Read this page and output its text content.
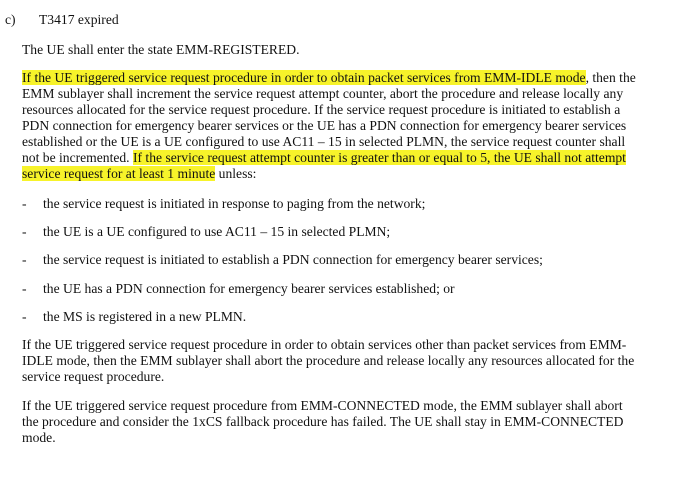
c) T3417 expired
The UE shall enter the state EMM-REGISTERED.
If the UE triggered service request procedure in order to obtain packet services from EMM-IDLE mode, then the
EMM sublayer shall increment the service request attempt counter, abort the procedure and release locally any
resources allocated for the service request procedure. If the service request procedure is initiated to establish a
PDN connection for emergency bearer services or the UE has a PDN connection for emergency bearer services
established or the UE is a UE configured to use AC11 – 15 in selected PLMN, the service request counter shall
not be incremented. If the service request attempt counter is greater than or equal to 5, the UE shall not attempt
service request for at least 1 minute unless:
- the service request is initiated in response to paging from the network;
- the UE is a UE configured to use AC11 – 15 in selected PLMN;
- the service request is initiated to establish a PDN connection for emergency bearer services;
- the UE has a PDN connection for emergency bearer services established; or
- the MS is registered in a new PLMN.
If the UE triggered service request procedure in order to obtain services other than packet services from EMM-
IDLE mode, then the EMM sublayer shall abort the procedure and release locally any resources allocated for the
service request procedure.
If the UE triggered service request procedure from EMM-CONNECTED mode, the EMM sublayer shall abort
the procedure and consider the 1xCS fallback procedure has failed. The UE shall stay in EMM-CONNECTED
mode.
